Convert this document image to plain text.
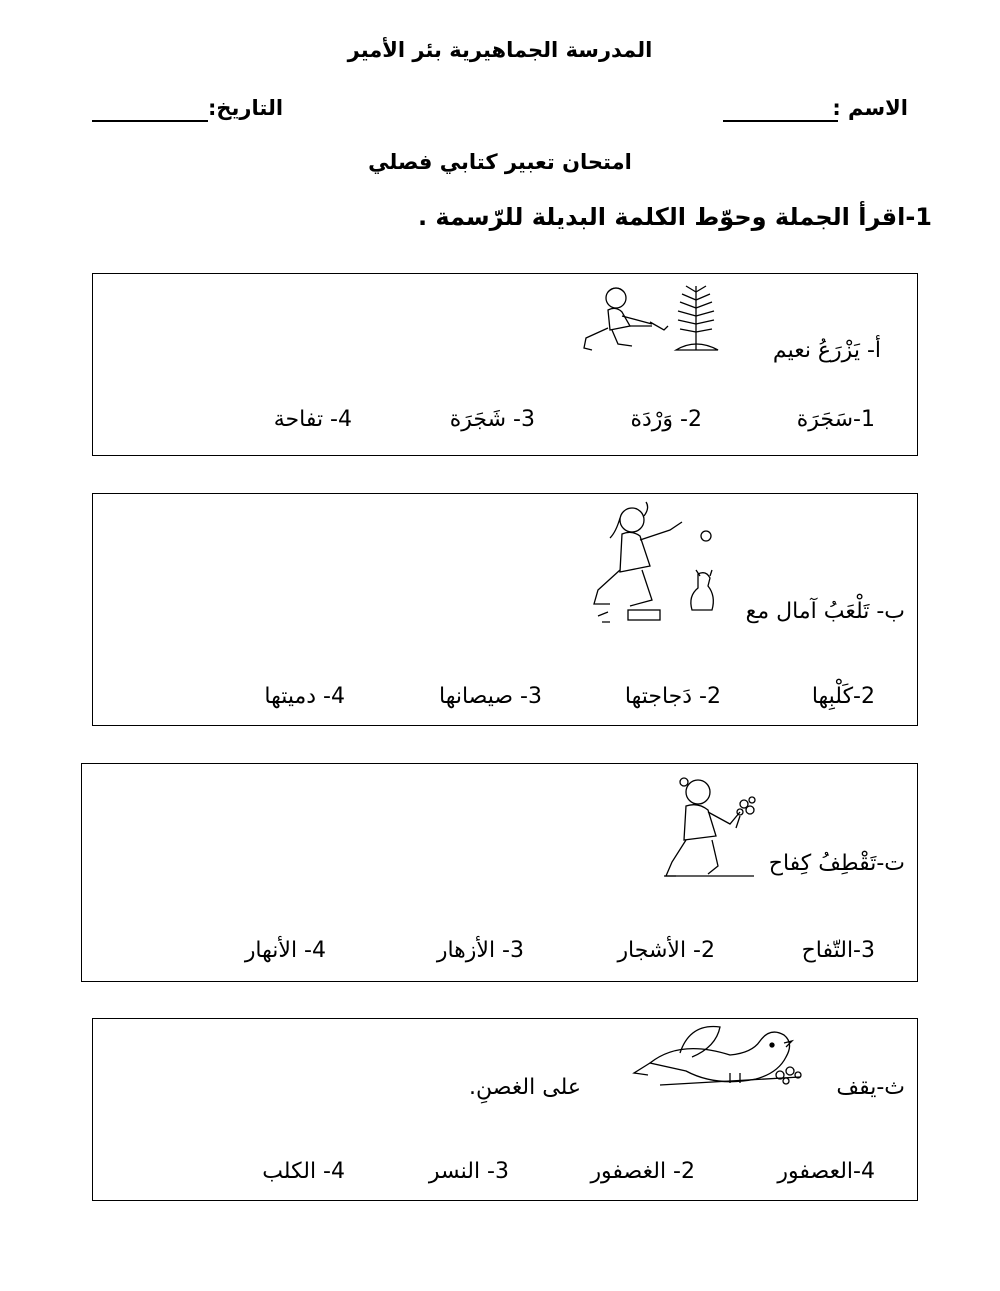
المدرسة الجماهيرية بئر الأمير
الاسم :
التاريخ:
امتحان تعبير كتابي فصلي
1-اقرأ الجملة وحوّط الكلمة البديلة للرّسمة .
أ- يَزْرَعُ نعيم
1-سَجَرَة
2- وَرْدَة
3- شَجَرَة
4- تفاحة
ب- تَلْعَبُ آمال مع
2-كَلْبِها
2- دَجاجتها
3- صيصانها
4- دميتها
ت-تَقْطِفُ كِفاح
3-التّفاح
2- الأشجار
3- الأزهار
4- الأنهار
ث-يقف
على الغصنِ.
4-العصفور
2- الغصفور
3- النسر
4- الكلب
